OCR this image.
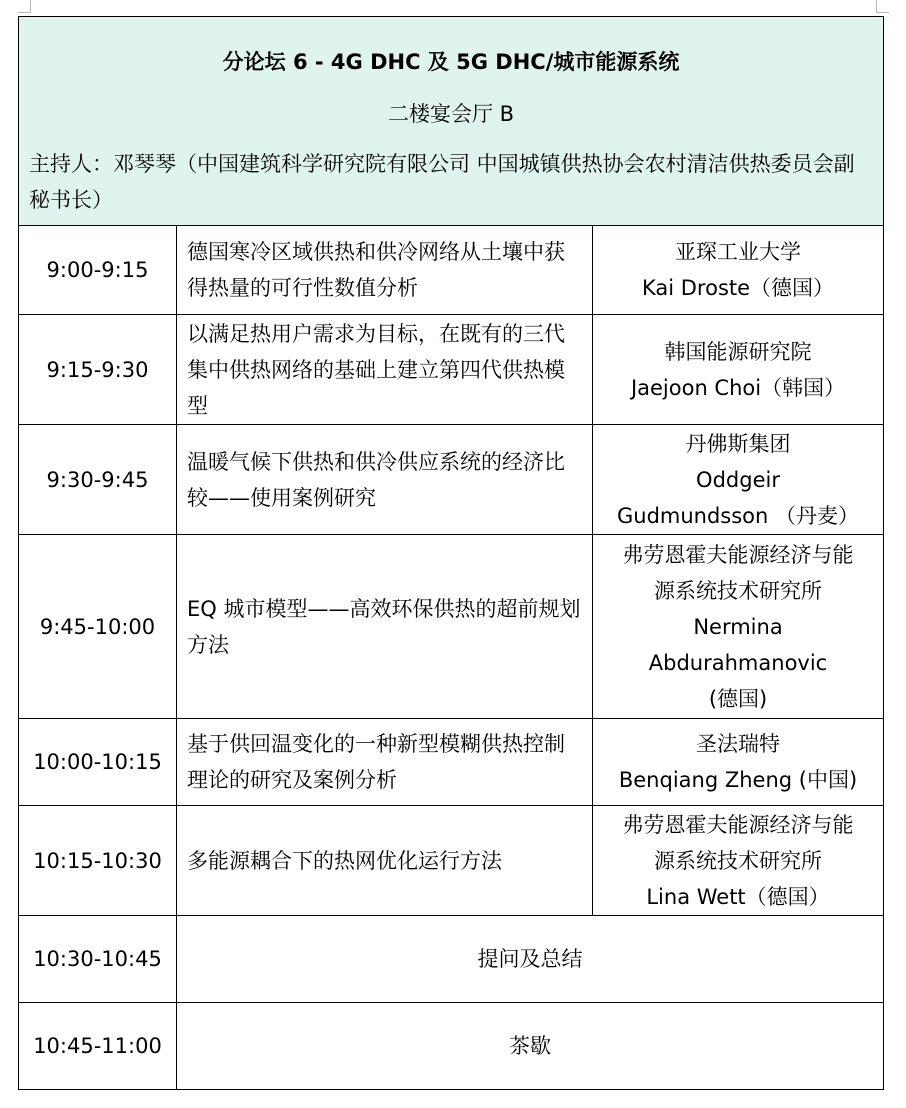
分论坛 6 - 4G DHC 及 5G DHC/城市能源系统
二楼宴会厅 B
主持人：邓琴琴（中国建筑科学研究院有限公司 中国城镇供热协会农村清洁供热委员会副秘书长）		

9:00-9:15	德国寒冷区域供热和供冷网络从土壤中获得热量的可行性数值分析	亚琛工业大学
Kai Droste（德国）

9:15-9:30	以满足热用户需求为目标，在既有的三代集中供热网络的基础上建立第四代供热模型	韩国能源研究院
Jaejoon Choi（韩国）

9:30-9:45	温暖气候下供热和供冷供应系统的经济比较——使用案例研究	丹佛斯集团
Oddgeir
Gudmundsson （丹麦）

9:45-10:00	EQ 城市模型——高效环保供热的超前规划方法	弗劳恩霍夫能源经济与能
源系统技术研究所
Nermina
Abdurahmanovic
(德国)

10:00-10:15	基于供回温变化的一种新型模糊供热控制理论的研究及案例分析	圣法瑞特
Benqiang Zheng (中国)

10:15-10:30	多能源耦合下的热网优化运行方法	弗劳恩霍夫能源经济与能
源系统技术研究所
Lina Wett（德国）

10:30-10:45	提问及总结	
10:45-11:00	茶歇	
